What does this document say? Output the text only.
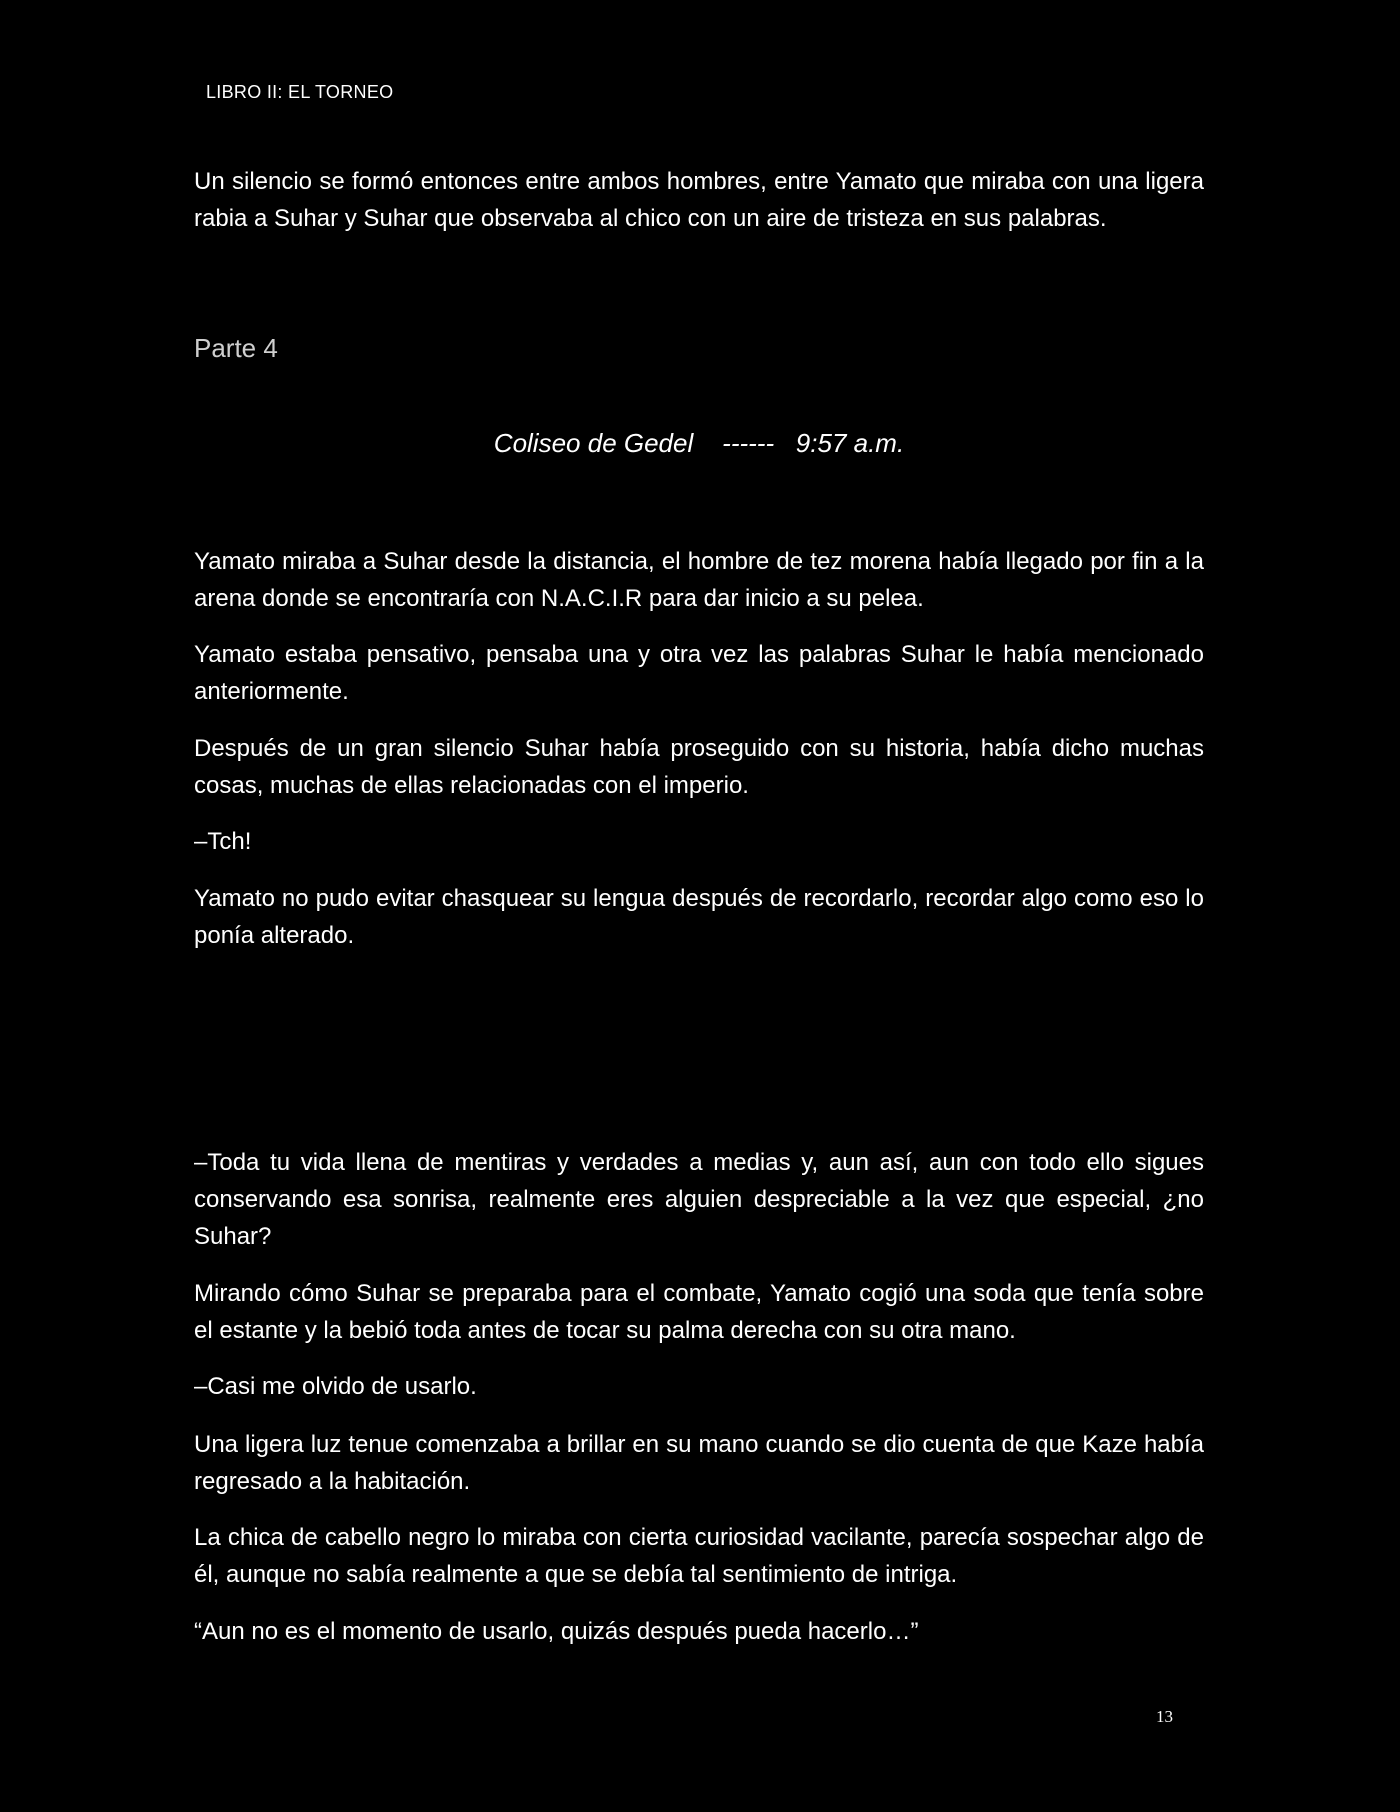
LIBRO II: EL TORNEO

Un silencio se formó entonces entre ambos hombres, entre Yamato que miraba con una ligera rabia a Suhar y Suhar que observaba al chico con un aire de tristeza en sus palabras.

Parte 4
Coliseo de Gedel ------ 9:57 a.m.

Yamato miraba a Suhar desde la distancia, el hombre de tez morena había llegado por fin a la arena donde se encontraría con N.A.C.I.R para dar inicio a su pelea.

Yamato estaba pensativo, pensaba una y otra vez las palabras Suhar le había mencionado anteriormente.

Después de un gran silencio Suhar había proseguido con su historia, había dicho muchas cosas, muchas de ellas relacionadas con el imperio.

–Tch!

Yamato no pudo evitar chasquear su lengua después de recordarlo, recordar algo como eso lo ponía alterado.

–Toda tu vida llena de mentiras y verdades a medias y, aun así, aun con todo ello sigues conservando esa sonrisa, realmente eres alguien despreciable a la vez que especial, ¿no Suhar?

Mirando cómo Suhar se preparaba para el combate, Yamato cogió una soda que tenía sobre el estante y la bebió toda antes de tocar su palma derecha con su otra mano.

–Casi me olvido de usarlo.

Una ligera luz tenue comenzaba a brillar en su mano cuando se dio cuenta de que Kaze había regresado a la habitación.

La chica de cabello negro lo miraba con cierta curiosidad vacilante, parecía sospechar algo de él, aunque no sabía realmente a que se debía tal sentimiento de intriga.

“Aun no es el momento de usarlo, quizás después pueda hacerlo…”

13
